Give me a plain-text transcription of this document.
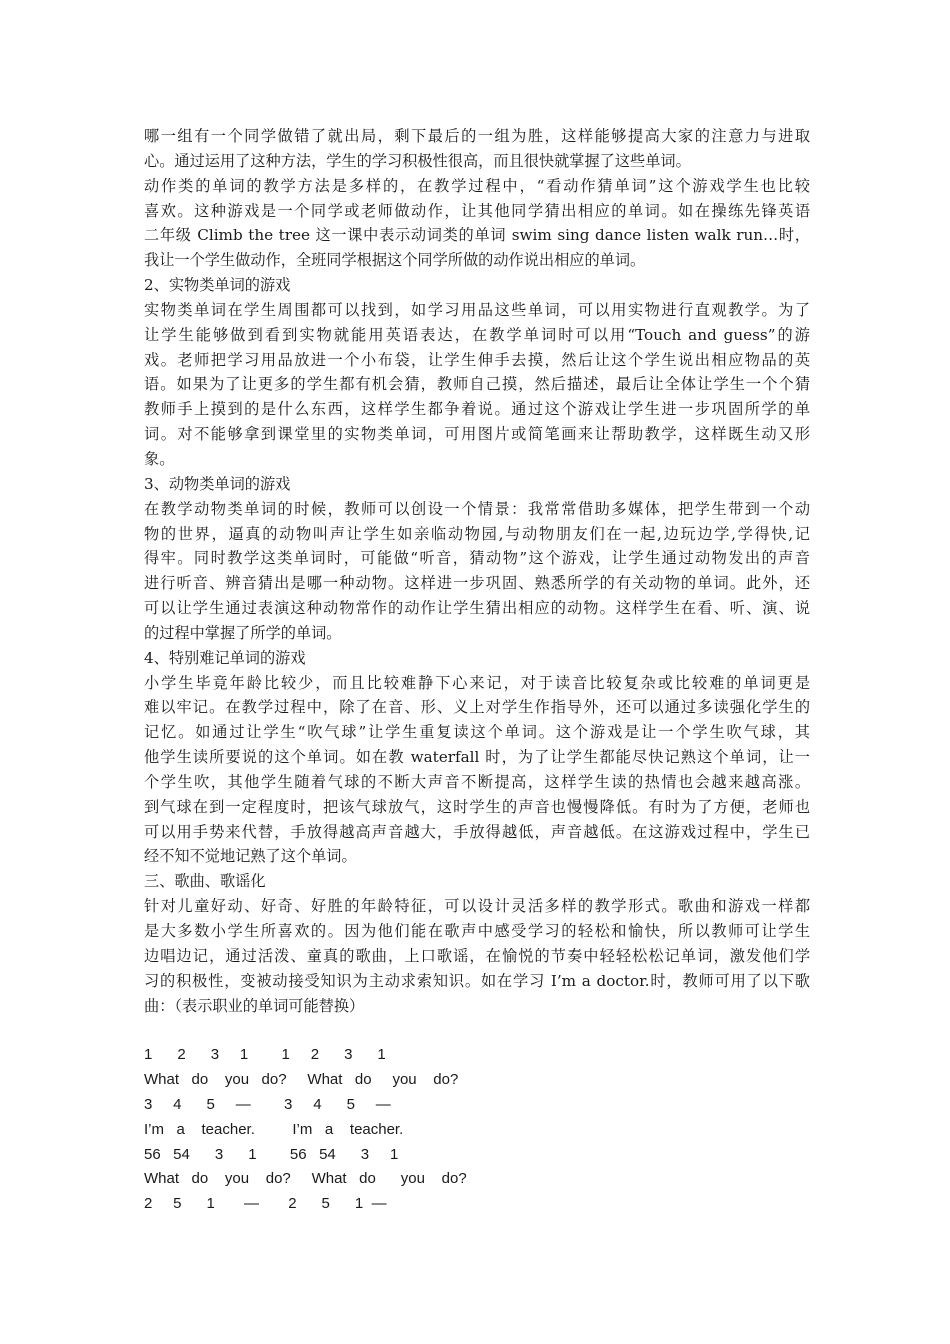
哪一组有一个同学做错了就出局，剩下最后的一组为胜，这样能够提高大家的注意力与进取
心。通过运用了这种方法，学生的学习积极性很高，而且很快就掌握了这些单词。
动作类的单词的教学方法是多样的，在教学过程中，“看动作猜单词”这个游戏学生也比较
喜欢。这种游戏是一个同学或老师做动作，让其他同学猜出相应的单词。如在操练先锋英语
二年级 Climb the tree 这一课中表示动词类的单词 swim sing dance listen walk run…时，
我让一个学生做动作，全班同学根据这个同学所做的动作说出相应的单词。
2、实物类单词的游戏
实物类单词在学生周围都可以找到，如学习用品这些单词，可以用实物进行直观教学。为了
让学生能够做到看到实物就能用英语表达，在教学单词时可以用“Touch and guess”的游
戏。老师把学习用品放进一个小布袋，让学生伸手去摸，然后让这个学生说出相应物品的英
语。如果为了让更多的学生都有机会猜，教师自己摸，然后描述，最后让全体让学生一个个猜
教师手上摸到的是什么东西，这样学生都争着说。通过这个游戏让学生进一步巩固所学的单
词。对不能够拿到课堂里的实物类单词，可用图片或简笔画来让帮助教学，这样既生动又形
象。
3、动物类单词的游戏
在教学动物类单词的时候，教师可以创设一个情景：我常常借助多媒体，把学生带到一个动
物的世界，逼真的动物叫声让学生如亲临动物园,与动物朋友们在一起,边玩边学,学得快,记
得牢。同时教学这类单词时，可能做“听音，猜动物”这个游戏，让学生通过动物发出的声音
进行听音、辨音猜出是哪一种动物。这样进一步巩固、熟悉所学的有关动物的单词。此外，还
可以让学生通过表演这种动物常作的动作让学生猜出相应的动物。这样学生在看、听、演、说
的过程中掌握了所学的单词。
4、特别难记单词的游戏
小学生毕竟年龄比较少，而且比较难静下心来记，对于读音比较复杂或比较难的单词更是
难以牢记。在教学过程中，除了在音、形、义上对学生作指导外，还可以通过多读强化学生的
记忆。如通过让学生“吹气球”让学生重复读这个单词。这个游戏是让一个学生吹气球，其
他学生读所要说的这个单词。如在教 waterfall 时，为了让学生都能尽快记熟这个单词，让一
个学生吹，其他学生随着气球的不断大声音不断提高，这样学生读的热情也会越来越高涨。
到气球在到一定程度时，把该气球放气，这时学生的声音也慢慢降低。有时为了方便，老师也
可以用手势来代替，手放得越高声音越大，手放得越低，声音越低。在这游戏过程中，学生已
经不知不觉地记熟了这个单词。
三、歌曲、歌谣化
针对儿童好动、好奇、好胜的年龄特征，可以设计灵活多样的教学形式。歌曲和游戏一样都
是大多数小学生所喜欢的。因为他们能在歌声中感受学习的轻松和愉快，所以教师可让学生
边唱边记，通过活泼、童真的歌曲，上口歌谣，在愉悦的节奏中轻轻松松记单词，激发他们学
习的积极性，变被动接受知识为主动求索知识。如在学习 I’m a doctor.时，教师可用了以下歌
曲：（表示职业的单词可能替换）
1      2      3     1        1     2      3      1
What   do    you   do?     What   do     you    do?
3     4      5     —        3     4      5     —
I’m   a    teacher.         I’m   a    teacher.
56   54      3      1        56   54      3     1
What   do    you    do?     What   do      you    do?
2     5      1       —       2      5      1  —
